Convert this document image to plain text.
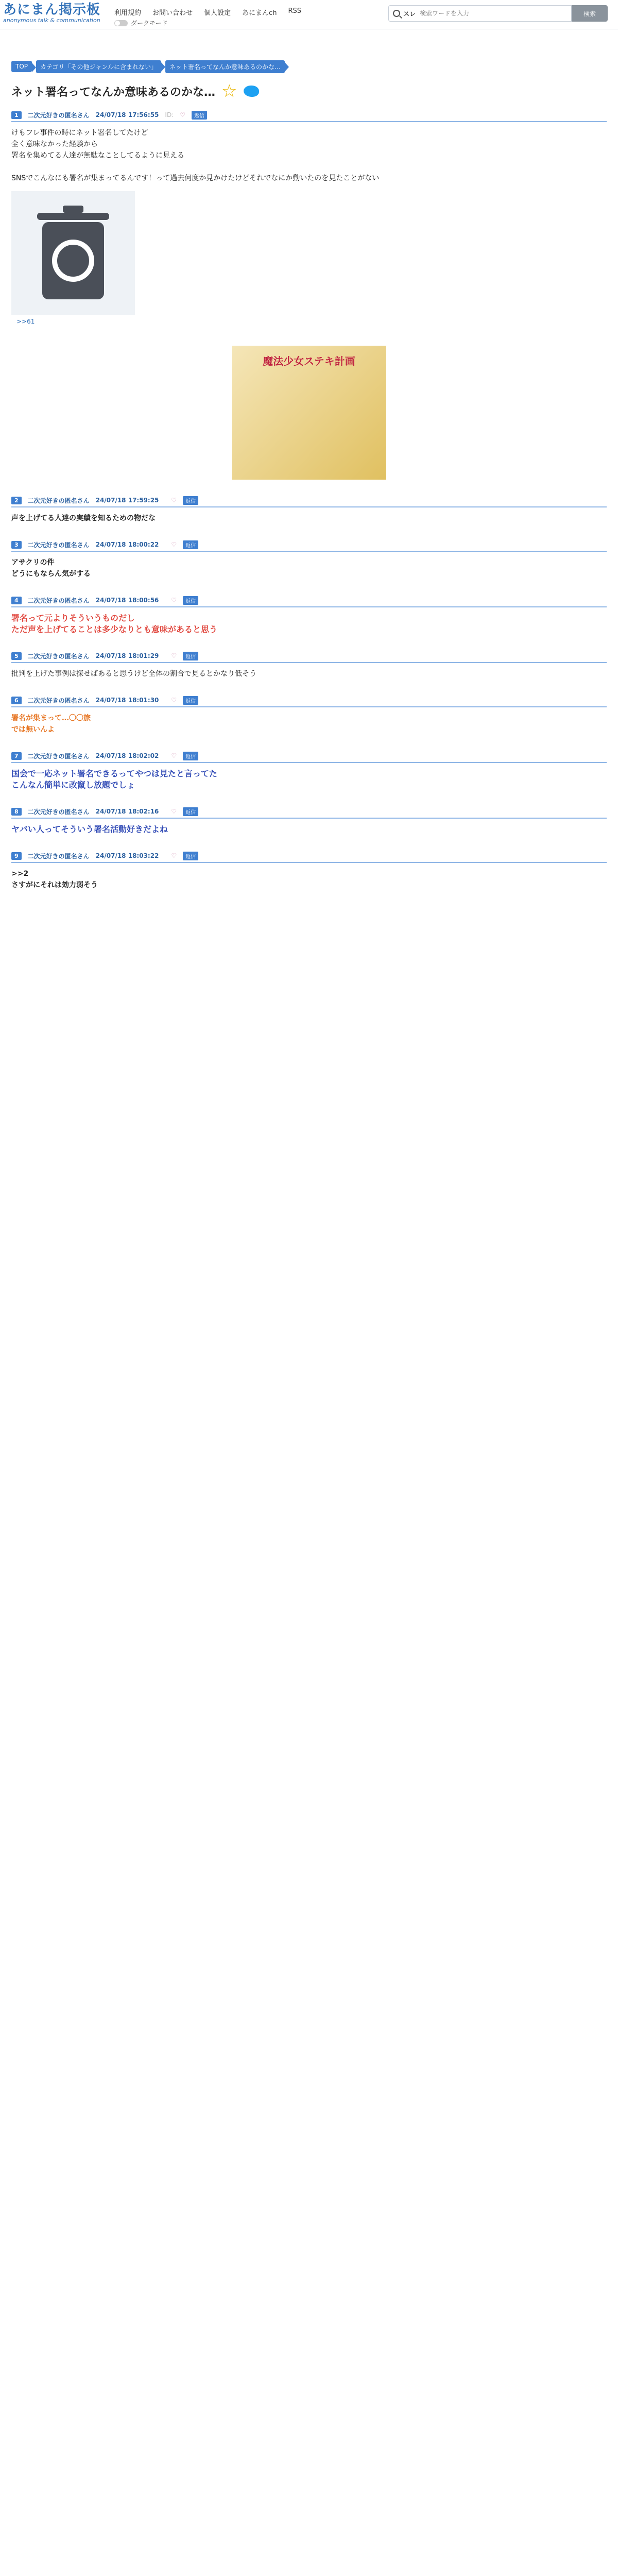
あにまん掲示板
anonymous talk & communication
利用規約 お問い合わせ 個人設定 あにまんch RSS
ダークモード
スレ
検索ワードを入力	検索
TOP	カテゴリ「その他ジャンルに含まれない」	ネット署名ってなんか意味あるのかな…
ネット署名ってなんか意味あるのかな… ☆
1	二次元好きの匿名さん 24/07/18 17:56:55 ID: ♡	返信
けもフレ事件の時にネット署名してたけど
全く意味なかった経験から
署名を集めてる人達が無駄なことしてるように見える

SNSでこんなにも署名が集まってるんです！って過去何度か見かけたけどそれでなにか動いたのを見たことがない
>>61
魔法少女ステキ計画
2	二次元好きの匿名さん 24/07/18 17:59:25 ♡	返信
声を上げてる人達の実績を知るための物だな
3	二次元好きの匿名さん 24/07/18 18:00:22 ♡	返信
アサクリの件
どうにもならん気がする
4	二次元好きの匿名さん 24/07/18 18:00:56 ♡	返信
署名って元よりそういうものだし
ただ声を上げてることは多少なりとも意味があると思う
5	二次元好きの匿名さん 24/07/18 18:01:29 ♡	返信
批判を上げた事例は探せばあると思うけど全体の割合で見るとかなり低そう
6	二次元好きの匿名さん 24/07/18 18:01:30 ♡	返信
署名が集まって…〇〇旅
では無いんよ
7	二次元好きの匿名さん 24/07/18 18:02:02 ♡	返信
国会で一応ネット署名できるってやつは見たと言ってた
こんなん簡単に改竄し放題でしょ
8	二次元好きの匿名さん 24/07/18 18:02:16 ♡	返信
ヤバい人ってそういう署名活動好きだよね
9	二次元好きの匿名さん 24/07/18 18:03:22 ♡	返信
>>2
さすがにそれは効力弱そう
